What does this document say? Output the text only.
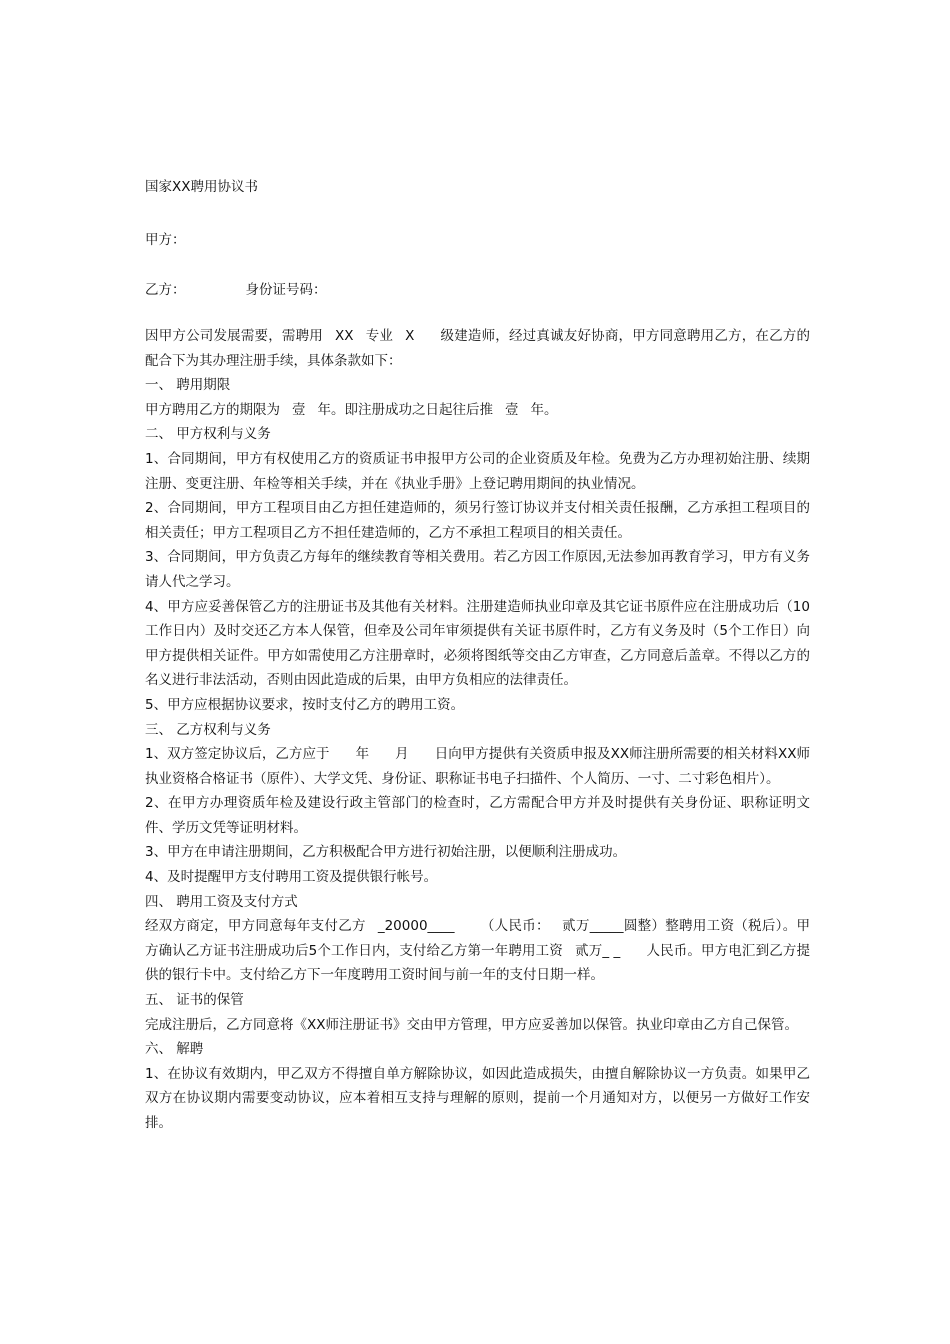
国家XX聘用协议书
甲方：
乙方：	身份证号码：

因甲方公司发展需要，需聘用 XX 专业 X 级建造师，经过真诚友好协商，甲方同意聘用乙方，在乙方的配合下为其办理注册手续，具体条款如下：

一、 聘用期限

甲方聘用乙方的期限为 壹 年。即注册成功之日起往后推 壹 年。

二、 甲方权利与义务

1、合同期间，甲方有权使用乙方的资质证书申报甲方公司的企业资质及年检。免费为乙方办理初始注册、续期注册、变更注册、年检等相关手续，并在《执业手册》上登记聘用期间的执业情况。

2、合同期间，甲方工程项目由乙方担任建造师的，须另行签订协议并支付相关责任报酬，乙方承担工程项目的相关责任；甲方工程项目乙方不担任建造师的，乙方不承担工程项目的相关责任。

3、合同期间，甲方负责乙方每年的继续教育等相关费用。若乙方因工作原因,无法参加再教育学习，甲方有义务请人代之学习。

4、甲方应妥善保管乙方的注册证书及其他有关材料。注册建造师执业印章及其它证书原件应在注册成功后（10工作日内）及时交还乙方本人保管，但牵及公司年审须提供有关证书原件时，乙方有义务及时（5个工作日）向甲方提供相关证件。甲方如需使用乙方注册章时，必须将图纸等交由乙方审查，乙方同意后盖章。不得以乙方的名义进行非法活动，否则由因此造成的后果，由甲方负相应的法律责任。

5、甲方应根据协议要求，按时支付乙方的聘用工资。

三、 乙方权利与义务

1、双方签定协议后，乙方应于 年 月 日向甲方提供有关资质申报及XX师注册所需要的相关材料XX师执业资格合格证书（原件）、大学文凭、身份证、职称证书电子扫描件、个人简历、一寸、二寸彩色相片）。

2、在甲方办理资质年检及建设行政主管部门的检查时，乙方需配合甲方并及时提供有关身份证、职称证明文件、学历文凭等证明材料。

3、甲方在申请注册期间，乙方积极配合甲方进行初始注册，以便顺利注册成功。

4、及时提醒甲方支付聘用工资及提供银行帐号。

四、 聘用工资及支付方式

经双方商定，甲方同意每年支付乙方 _20000____ （人民币： 贰万_____圆整）整聘用工资（税后）。甲方确认乙方证书注册成功后5个工作日内，支付给乙方第一年聘用工资 贰万_ _ 人民币。甲方电汇到乙方提供的银行卡中。支付给乙方下一年度聘用工资时间与前一年的支付日期一样。

五、 证书的保管

完成注册后，乙方同意将《XX师注册证书》交由甲方管理，甲方应妥善加以保管。执业印章由乙方自己保管。

六、 解聘

1、在协议有效期内，甲乙双方不得擅自单方解除协议，如因此造成损失，由擅自解除协议一方负责。如果甲乙双方在协议期内需要变动协议，应本着相互支持与理解的原则，提前一个月通知对方，以便另一方做好工作安排。
